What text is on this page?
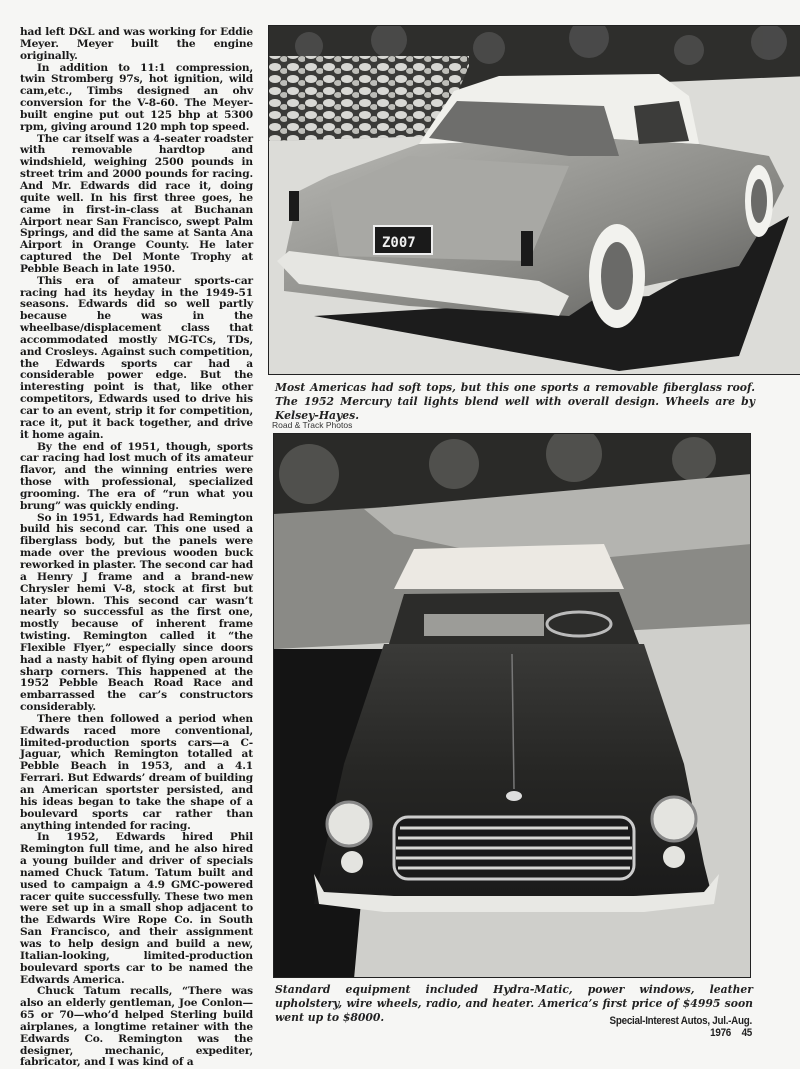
had left D&L and was working for Eddie Meyer. Meyer built the engine originally.

In addition to 11:1 compression, twin Stromberg 97s, hot ignition, wild cam,etc., Timbs designed an ohv conversion for the V-8-60. The Meyer-built engine put out 125 bhp at 5300 rpm, giving around 120 mph top speed.

The car itself was a 4-seater roadster with removable hardtop and windshield, weighing 2500 pounds in street trim and 2000 pounds for racing. And Mr. Edwards did race it, doing quite well. In his first three goes, he came in first-in-class at Buchanan Airport near San Francisco, swept Palm Springs, and did the same at Santa Ana Airport in Orange County. He later captured the Del Monte Trophy at Pebble Beach in late 1950.

This era of amateur sports-car racing had its heyday in the 1949-51 seasons. Edwards did so well partly because he was in the wheelbase/displacement class that accommodated mostly MG-TCs, TDs, and Crosleys. Against such competition, the Edwards sports car had a considerable power edge. But the interesting point is that, like other competitors, Edwards used to drive his car to an event, strip it for competition, race it, put it back together, and drive it home again.

By the end of 1951, though, sports car racing had lost much of its amateur flavor, and the winning entries were those with professional, specialized grooming. The era of “run what you brung” was quickly ending.

So in 1951, Edwards had Remington build his second car. This one used a fiberglass body, but the panels were made over the previous wooden buck reworked in plaster. The second car had a Henry J frame and a brand-new Chrysler hemi V-8, stock at first but later blown. This second car wasn’t nearly so successful as the first one, mostly because of inherent frame twisting. Remington called it “the Flexible Flyer,” especially since doors had a nasty habit of flying open around sharp corners. This happened at the 1952 Pebble Beach Road Race and embarrassed the car’s constructors considerably.

There then followed a period when Edwards raced more conventional, limited-production sports cars—a C-Jaguar, which Remington totalled at Pebble Beach in 1953, and a 4.1 Ferrari. But Edwards’ dream of building an American sportster persisted, and his ideas began to take the shape of a boulevard sports car rather than anything intended for racing.

In 1952, Edwards hired Phil Remington full time, and he also hired a young builder and driver of specials named Chuck Tatum. Tatum built and used to campaign a 4.9 GMC-powered racer quite successfully. These two men were set up in a small shop adjacent to the Edwards Wire Rope Co. in South San Francisco, and their assignment was to help design and build a new, Italian-looking, limited-production boulevard sports car to be named the Edwards America.

Chuck Tatum recalls, “There was also an elderly gentleman, Joe Conlon—65 or 70—who’d helped Sterling build airplanes, a longtime retainer with the Edwards Co. Remington was the designer, mechanic, expediter, fabricator, and I was kind of a

Z007
Most Americas had soft tops, but this one sports a removable fiberglass roof. The 1952 Mercury tail lights blend well with overall design. Wheels are by Kelsey-Hayes.
Road & Track Photos
Standard equipment included Hydra-Matic, power windows, leather upholstery, wire wheels, radio, and heater. America’s first price of $4995 soon went up to $8000.	Special-Interest Autos, Jul.-Aug. 1976 45
